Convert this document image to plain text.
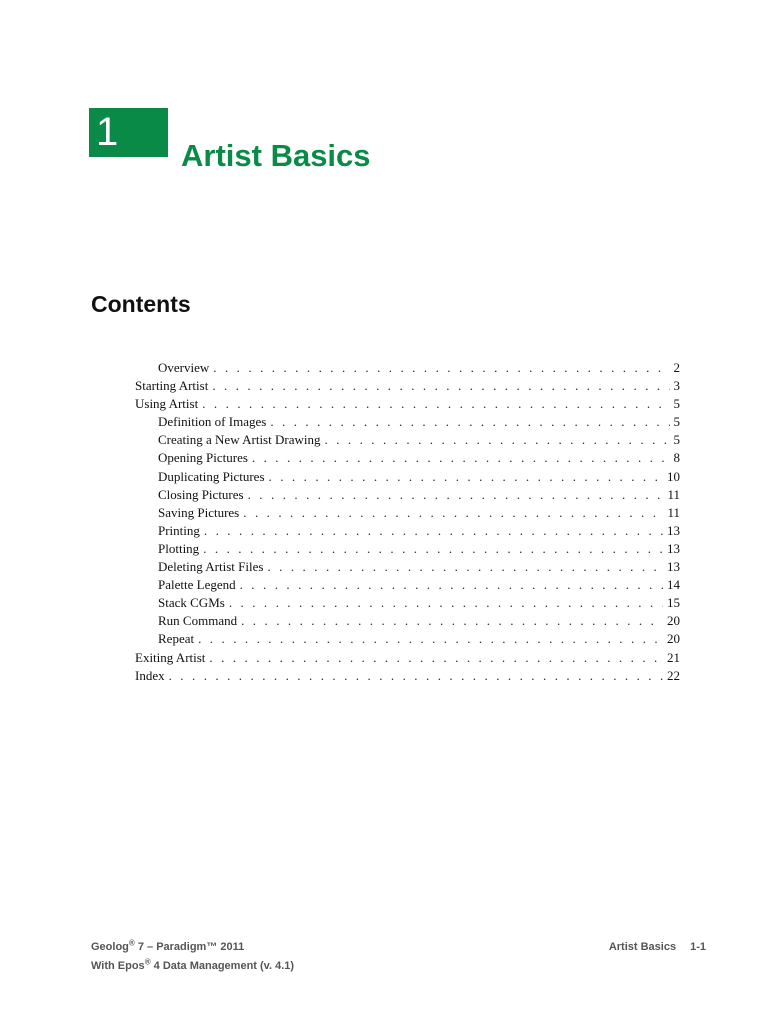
1
Artist Basics
Contents
Overview . . .	2
Starting Artist . . .	3
Using Artist . . .	5
Definition of Images . . .	5
Creating a New Artist Drawing . . .	5
Opening Pictures . . .	8
Duplicating Pictures . . .	10
Closing Pictures . . .	11
Saving Pictures . . .	11
Printing . . .	13
Plotting . . .	13
Deleting Artist Files . . .	13
Palette Legend . . .	14
Stack CGMs . . .	15
Run Command . . .	20
Repeat . . .	20
Exiting Artist . . .	21
Index . . .	22
Geolog® 7 – Paradigm™ 2011
With Epos® 4 Data Management (v. 4.1)
Artist Basics 1-1
